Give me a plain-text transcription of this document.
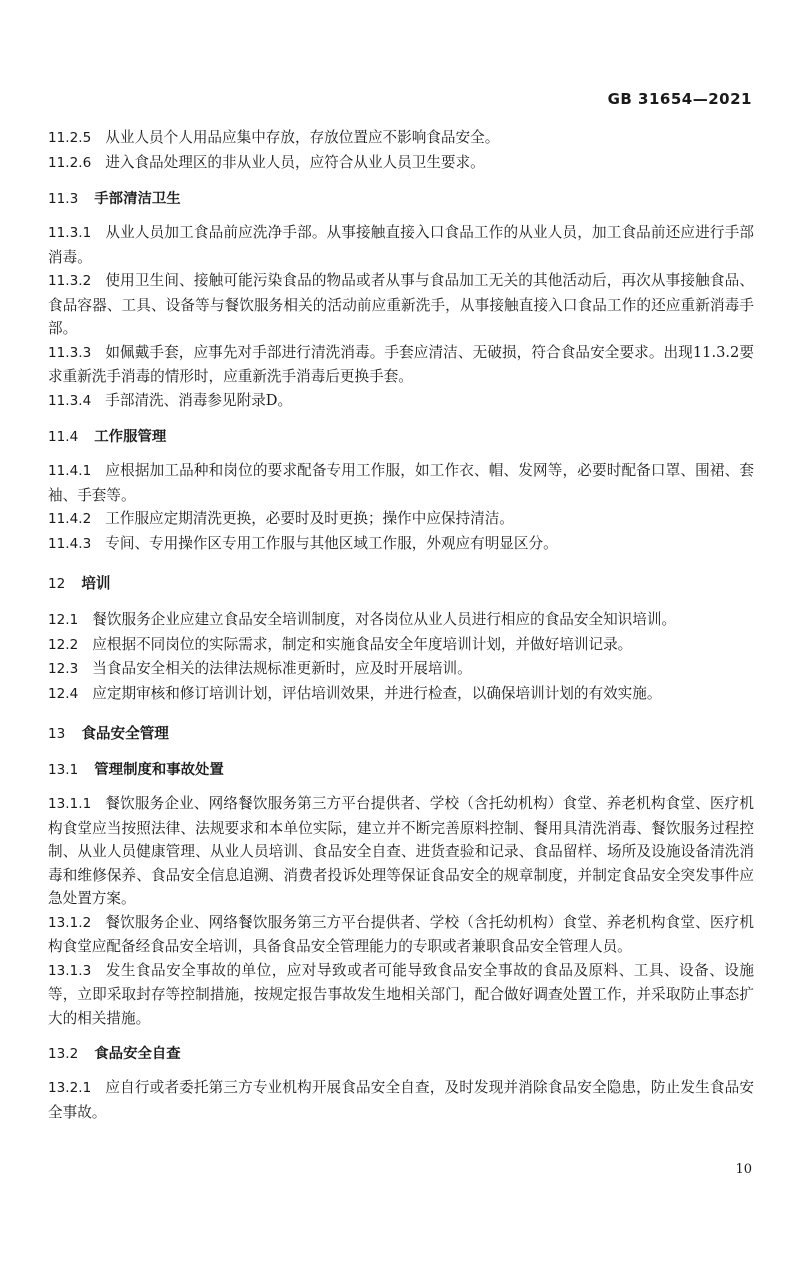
GB 31654—2021

11.2.5 从业人员个人用品应集中存放，存放位置应不影响食品安全。

11.2.6 进入食品处理区的非从业人员，应符合从业人员卫生要求。

11.3 手部清洁卫生

11.3.1 从业人员加工食品前应洗净手部。从事接触直接入口食品工作的从业人员，加工食品前还应进行手部消毒。

11.3.2 使用卫生间、接触可能污染食品的物品或者从事与食品加工无关的其他活动后，再次从事接触食品、食品容器、工具、设备等与餐饮服务相关的活动前应重新洗手，从事接触直接入口食品工作的还应重新消毒手部。

11.3.3 如佩戴手套，应事先对手部进行清洗消毒。手套应清洁、无破损，符合食品安全要求。出现11.3.2要求重新洗手消毒的情形时，应重新洗手消毒后更换手套。

11.3.4 手部清洗、消毒参见附录D。

11.4 工作服管理

11.4.1 应根据加工品种和岗位的要求配备专用工作服，如工作衣、帽、发网等，必要时配备口罩、围裙、套袖、手套等。

11.4.2 工作服应定期清洗更换，必要时及时更换；操作中应保持清洁。

11.4.3 专间、专用操作区专用工作服与其他区域工作服，外观应有明显区分。

12 培训

12.1 餐饮服务企业应建立食品安全培训制度，对各岗位从业人员进行相应的食品安全知识培训。

12.2 应根据不同岗位的实际需求，制定和实施食品安全年度培训计划，并做好培训记录。

12.3 当食品安全相关的法律法规标准更新时，应及时开展培训。

12.4 应定期审核和修订培训计划，评估培训效果，并进行检查，以确保培训计划的有效实施。

13 食品安全管理
13.1 管理制度和事故处置

13.1.1 餐饮服务企业、网络餐饮服务第三方平台提供者、学校（含托幼机构）食堂、养老机构食堂、医疗机构食堂应当按照法律、法规要求和本单位实际，建立并不断完善原料控制、餐用具清洗消毒、餐饮服务过程控制、从业人员健康管理、从业人员培训、食品安全自查、进货查验和记录、食品留样、场所及设施设备清洗消毒和维修保养、食品安全信息追溯、消费者投诉处理等保证食品安全的规章制度，并制定食品安全突发事件应急处置方案。

13.1.2 餐饮服务企业、网络餐饮服务第三方平台提供者、学校（含托幼机构）食堂、养老机构食堂、医疗机构食堂应配备经食品安全培训，具备食品安全管理能力的专职或者兼职食品安全管理人员。

13.1.3 发生食品安全事故的单位，应对导致或者可能导致食品安全事故的食品及原料、工具、设备、设施等，立即采取封存等控制措施，按规定报告事故发生地相关部门，配合做好调查处置工作，并采取防止事态扩大的相关措施。

13.2 食品安全自查

13.2.1 应自行或者委托第三方专业机构开展食品安全自查，及时发现并消除食品安全隐患，防止发生食品安全事故。

10
